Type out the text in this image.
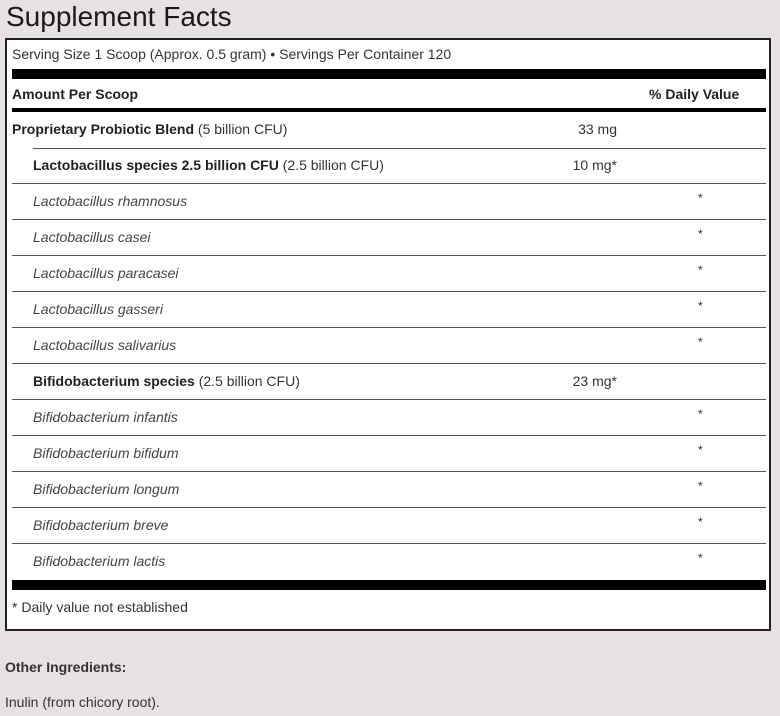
Supplement Facts
Serving Size 1 Scoop (Approx. 0.5 gram) • Servings Per Container 120
Amount Per Scoop	% Daily Value
Proprietary Probiotic Blend (5 billion CFU)	33 mg
Lactobacillus species 2.5 billion CFU (2.5 billion CFU)	10 mg*
Lactobacillus rhamnosus	*
Lactobacillus casei	*
Lactobacillus paracasei	*
Lactobacillus gasseri	*
Lactobacillus salivarius	*
Bifidobacterium species (2.5 billion CFU)	23 mg*
Bifidobacterium infantis	*
Bifidobacterium bifidum	*
Bifidobacterium longum	*
Bifidobacterium breve	*
Bifidobacterium lactis	*
* Daily value not established
Other Ingredients:
Inulin (from chicory root).
